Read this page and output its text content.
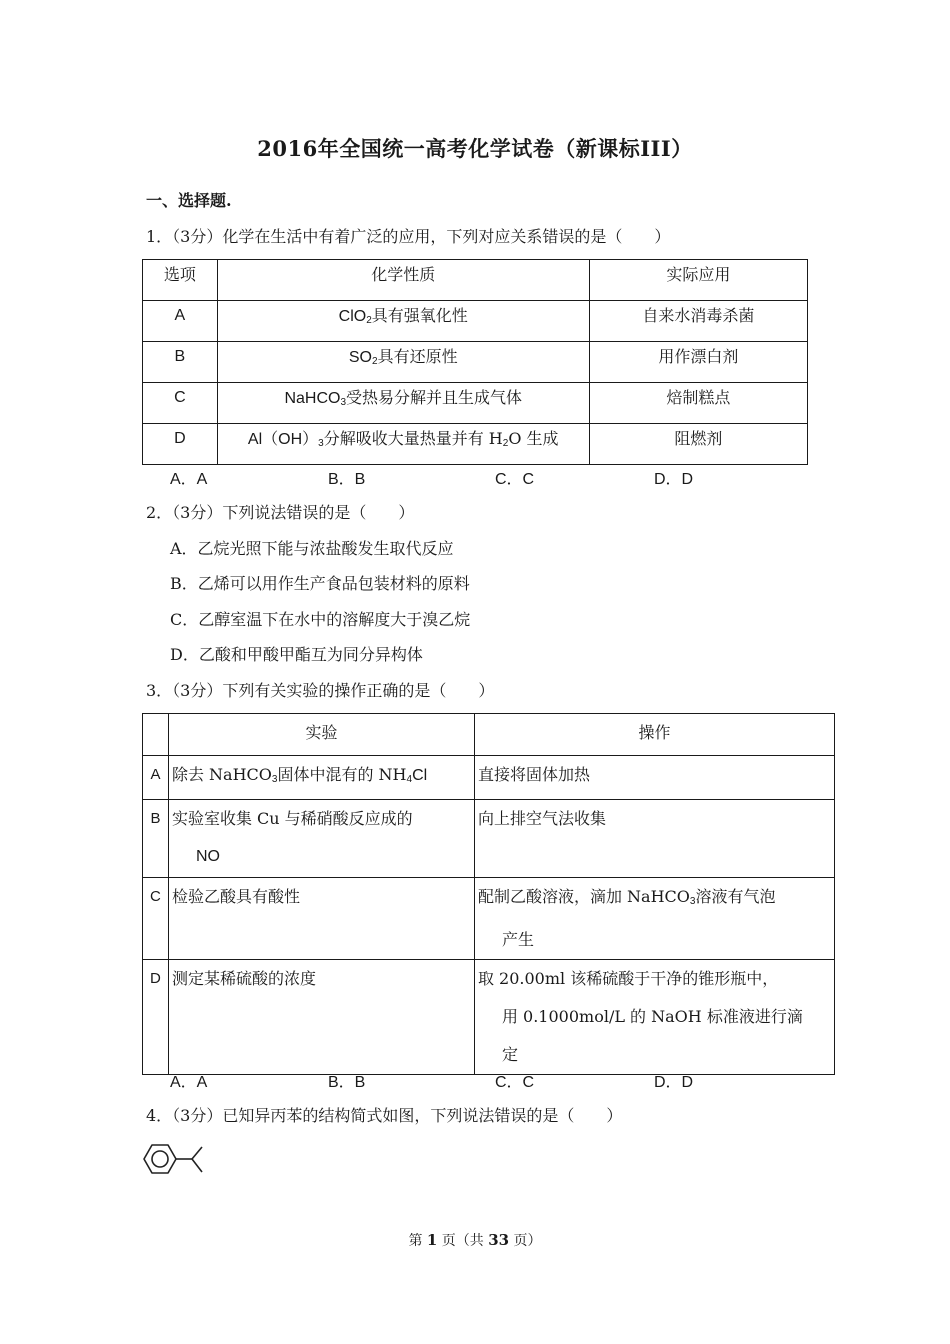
2016年全国统一高考化学试卷（新课标III）
一、选择题.
1．（3分）化学在生活中有着广泛的应用，下列对应关系错误的是（　　）
选项	化学性质	实际应用
A	ClO$_2$具有强氧化性	自来水消毒杀菌
B	$SO_2$具有还原性	用作漂白剂
C	NaHCO$_3$受热易分解并且生成气体	焙制糕点
D	$Al(OH)_3$分解吸收大量热量并有 $H_2O$ 生成	阻燃剂
A．A	B．B	C．C	D．D
2．（3分）下列说法错误的是（　　）
A．乙烷光照下能与浓盐酸发生取代反应
B．乙烯可以用作生产食品包装材料的原料
C．乙醇室温下在水中的溶解度大于溴乙烷
D．乙酸和甲酸甲酯互为同分异构体
3．（3分）下列有关实验的操作正确的是（　　）
	实验	操作
A	除去 NaHCO$_3$固体中混有的 $NH_4Cl$	直接将固体加热
B	实验室收集 Cu 与稀硝酸反应成的
NO	向上排空气法收集
C	检验乙酸具有酸性	配制乙酸溶液，滴加 NaHCO$_3$溶液有气泡
产生

D	测定某稀硫酸的浓度	取 20.00ml 该稀硫酸于干净的锥形瓶中，
用 0.1000mol/L 的 NaOH 标准液进行滴
定
A．A	B．B	C．C	D．D
4．（3分）已知异丙苯的结构简式如图，下列说法错误的是（　　）
第 1 页（共 33 页）
